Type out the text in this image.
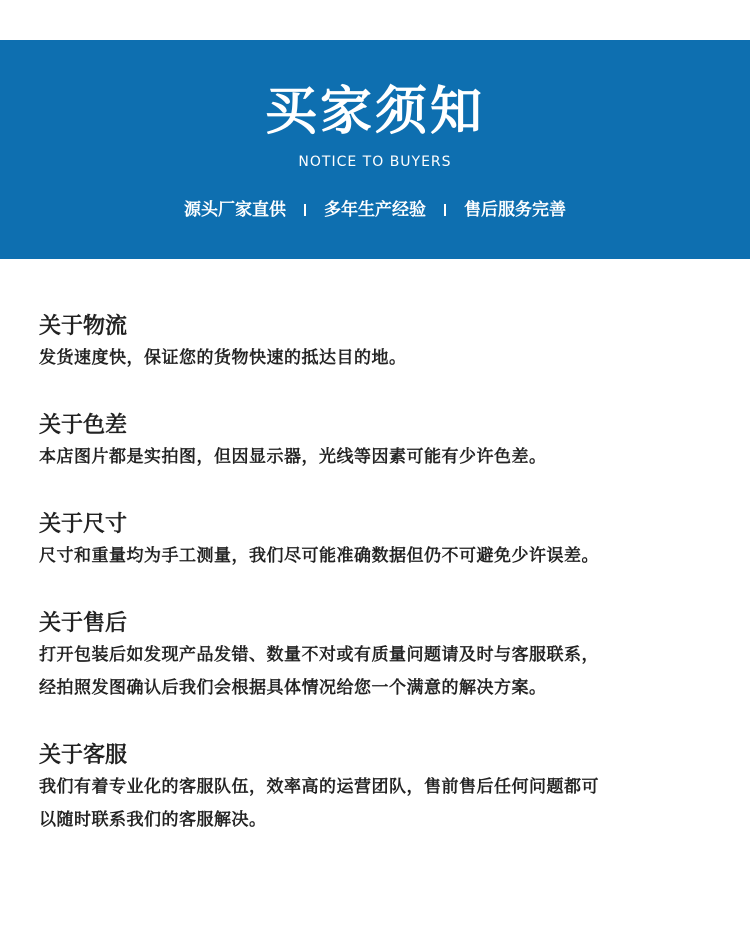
买家须知
NOTICE TO BUYERS
源头厂家直供 多年生产经验 售后服务完善
关于物流
发货速度快，保证您的货物快速的抵达目的地。
关于色差
本店图片都是实拍图，但因显示器，光线等因素可能有少许色差。
关于尺寸
尺寸和重量均为手工测量，我们尽可能准确数据但仍不可避免少许误差。
关于售后
打开包装后如发现产品发错、数量不对或有质量问题请及时与客服联系，
经拍照发图确认后我们会根据具体情况给您一个满意的解决方案。
关于客服
我们有着专业化的客服队伍，效率高的运营团队，售前售后任何问题都可
以随时联系我们的客服解决。
